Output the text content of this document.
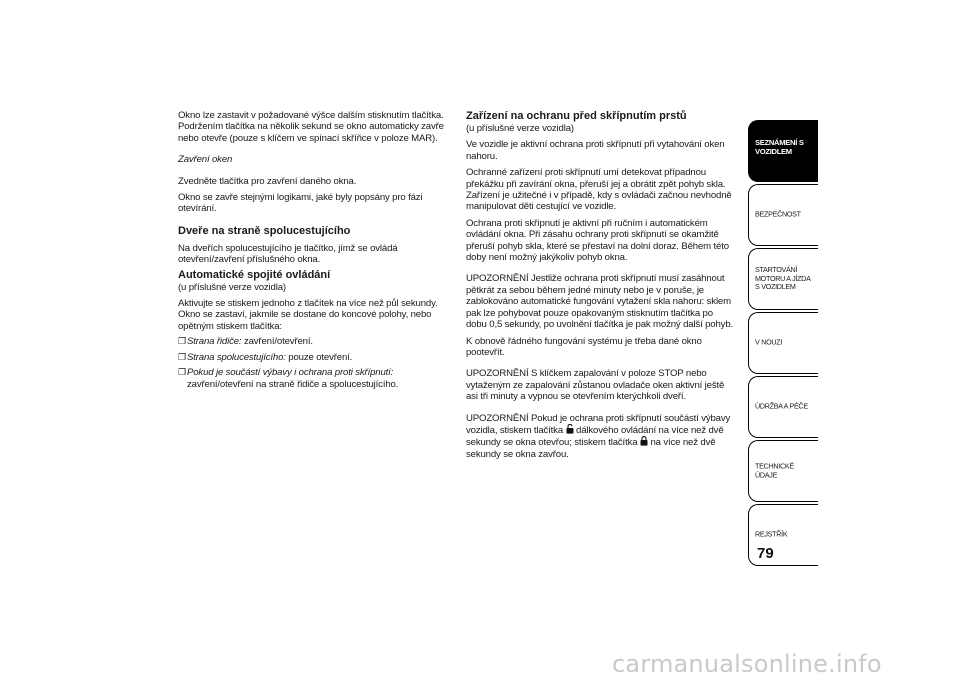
Okno lze zastavit v požadované výšce dalším stisknutím tlačítka. Podržením tlačítka na několik sekund se okno automaticky zavře nebo otevře (pouze s klíčem ve spínací skříňce v poloze MAR).

Zavření oken

Zvedněte tlačítka pro zavření daného okna.

Okno se zavře stejnými logikami, jaké byly popsány pro fázi otevírání.

Dveře na straně spolucestujícího

Na dveřích spolucestujícího je tlačítko, jímž se ovládá otevření/zavření příslušného okna.

Automatické spojité ovládání

(u příslušné verze vozidla)

Aktivujte se stiskem jednoho z tlačítek na více než půl sekundy. Okno se zastaví, jakmile se dostane do koncové polohy, nebo opětným stiskem tlačítka:

❐Strana řidiče: zavření/otevření.

❐Strana spolucestujícího: pouze otevření.

❐Pokud je součástí výbavy i ochrana proti skřípnutí: zavření/otevření na straně řidiče a spolucestujícího.

Zařízení na ochranu před skřípnutím prstů

(u příslušné verze vozidla)

Ve vozidle je aktivní ochrana proti skřípnutí při vytahování oken nahoru.

Ochranné zařízení proti skřípnutí umí detekovat případnou překážku při zavírání okna, přeruší jej a obrátit zpět pohyb skla. Zařízení je užitečné i v případě, kdy s ovládači začnou nevhodně manipulovat děti cestující ve vozidle.

Ochrana proti skřípnutí je aktivní při ručním i automatickém ovládání okna. Při zásahu ochrany proti skřípnutí se okamžitě přeruší pohyb skla, které se přestaví na dolní doraz. Během této doby není možný jakýkoliv pohyb okna.

UPOZORNĚNÍ Jestliže ochrana proti skřípnutí musí zasáhnout pětkrát za sebou během jedné minuty nebo je v poruše, je zablokováno automatické fungování vytažení skla nahoru: sklem pak lze pohybovat pouze opakovaným stisknutím tlačítka po dobu 0,5 sekundy, po uvolnění tlačítka je pak možný další pohyb.

K obnově řádného fungování systému je třeba dané okno pootevřít.

UPOZORNĚNÍ S klíčkem zapalování v poloze STOP nebo vytaženým ze zapalování zůstanou ovladače oken aktivní ještě asi tři minuty a vypnou se otevřením kterýchkoli dveří.

UPOZORNĚNÍ Pokud je ochrana proti skřípnutí součástí výbavy vozidla, stiskem tlačítka  dálkového ovládání na více než dvě sekundy se okna otevřou; stiskem tlačítka  na více než dvě sekundy se okna zavřou.

SEZNÁMENÍ S VOZIDLEM
BEZPEČNOST
STARTOVÁNÍ MOTORU A JÍZDA S VOZIDLEM
V NOUZI
ÚDRŽBA A PÉČE
TECHNICKÉ ÚDAJE
REJSTŘÍK
79
carmanualsonline.info
